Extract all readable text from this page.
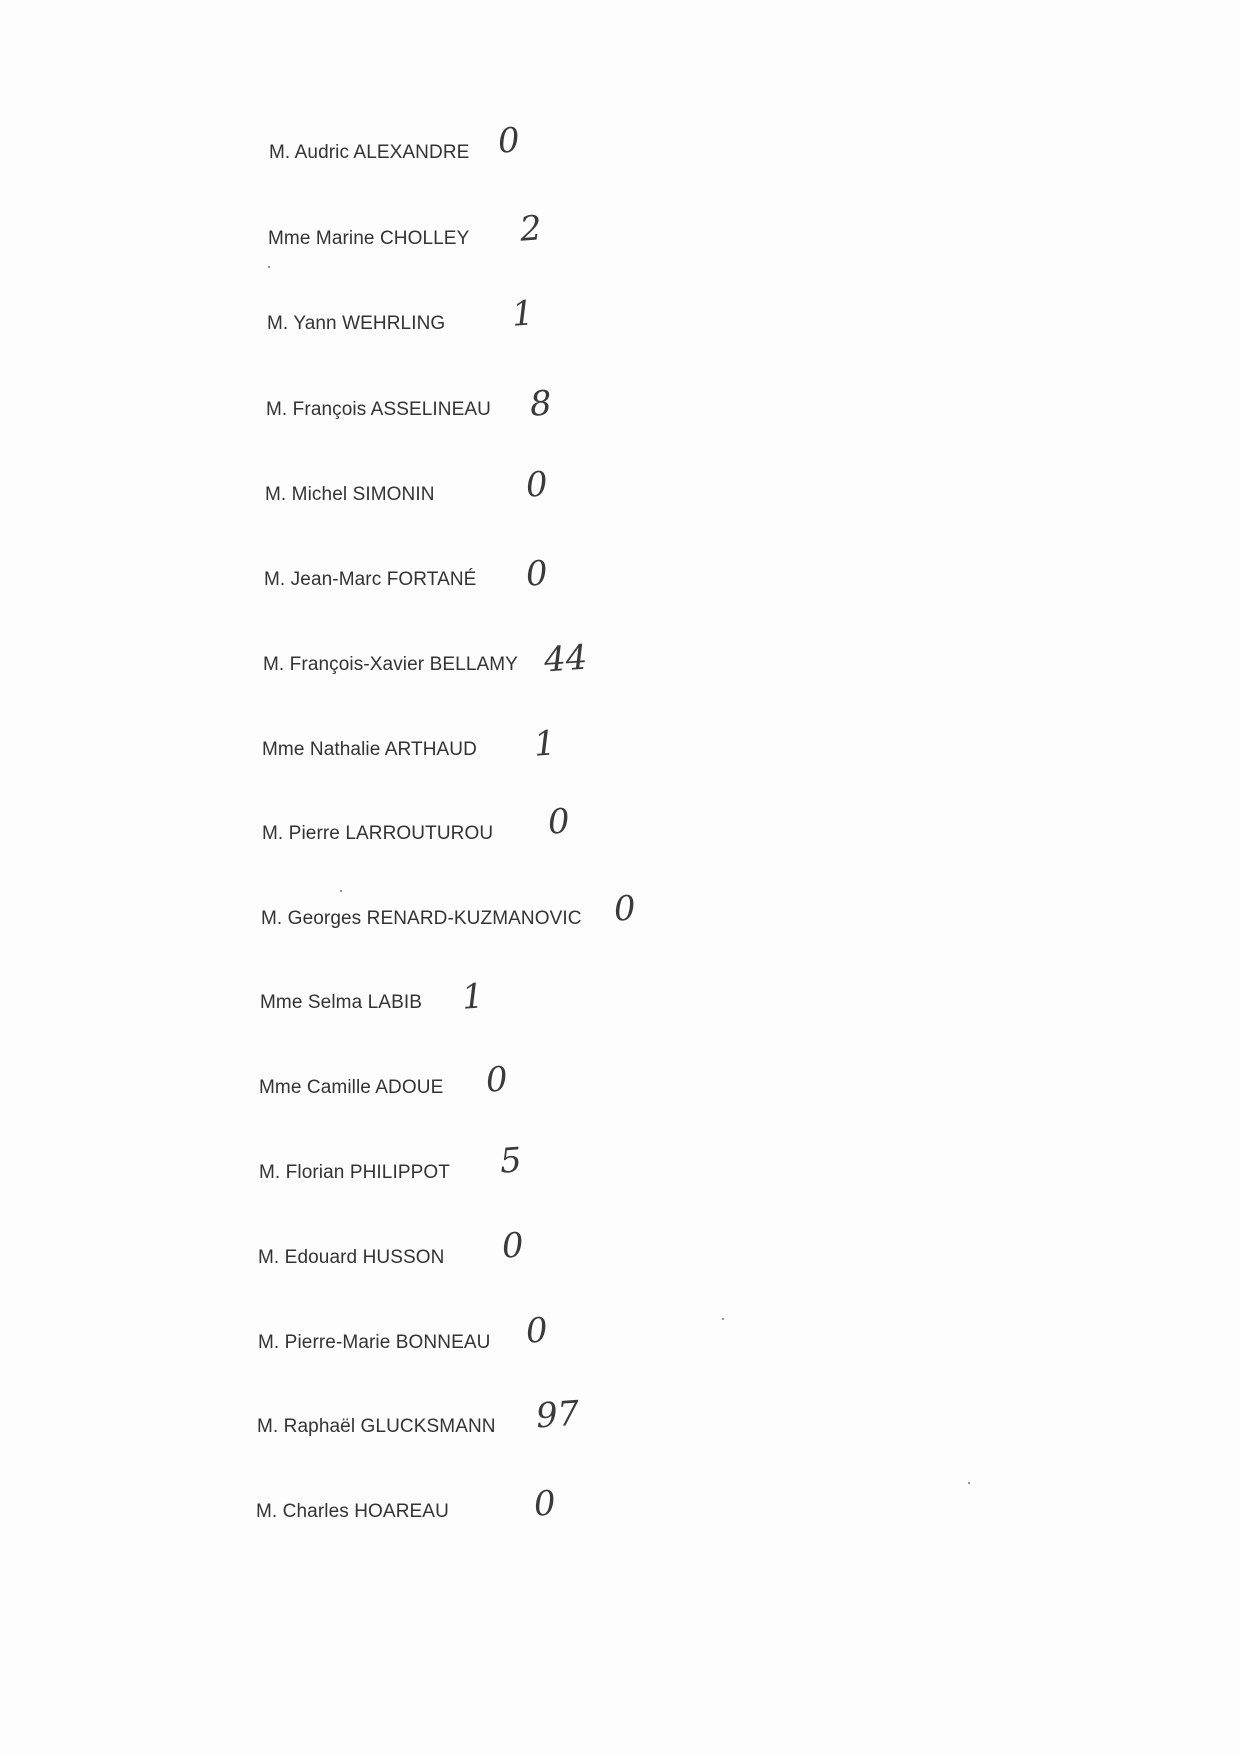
M. Audric ALEXANDRE 0
Mme Marine CHOLLEY 2
M. Yann WEHRLING 1
M. François ASSELINEAU 8
M. Michel SIMONIN	0
M. Jean-Marc FORTANÉ 0
M. François-Xavier BELLAMY 44
Mme Nathalie ARTHAUD 1
M. Pierre LARROUTUROU 0
M. Georges RENARD-KUZMANOVIC 0
Mme Selma LABIB 1
Mme Camille ADOUE 0
M. Florian PHILIPPOT 5
M. Edouard HUSSON 0
M. Pierre-Marie BONNEAU 0
M. Raphaël GLUCKSMANN 97
M. Charles HOAREAU 0
